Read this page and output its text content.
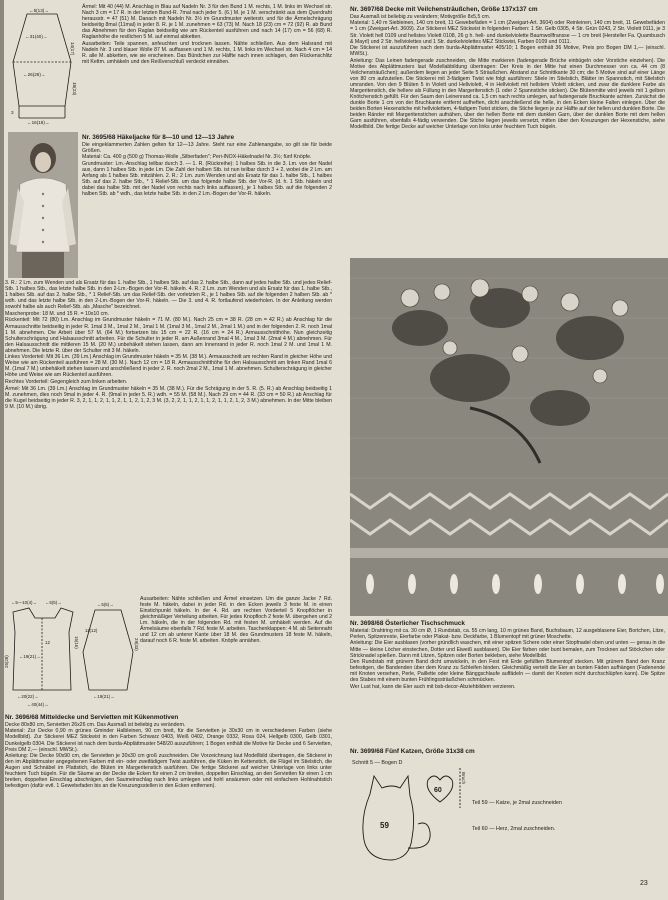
←5(13)→
←31(40)→
14(17)
18(23)
←26(28)→
←16(18)→
3

Ärmel: Mit 40 (44) M. Anschlag in Blau auf Nadeln Nr. 3 für den Bund 1 M. rechts, 1 M. links im Wechsel str. Nach 3 cm = 17 R. in der letzten Bund-R. 7mal nach jeder 5. (6.) M. je 1 M. verschränkt aus dem Querdraht herausstr. = 47 (51) M. Danach mit Nadeln Nr. 3½ im Grundmuster weiterstr. und für die Ärmelschrägung beidseitig 8mal (11mal) in jeder 8. R. je 1 M. zunehmen = 63 (73) M. Nach 18 (23) cm = 72 (92) R. ab Bund das Abnehmen für den Raglan beidseitig wie am Rückenteil ausführen und nach 14 (17) cm = 56 (68) R. Raglanhöhe die restlichen 5 M. auf einmal abketten.

Ausarbeiten: Teile spannen, anfeuchten und trocknen lassen. Nähte schließen. Aus dem Halsrand mit Nadeln Nr. 3 und blauer Wolle 87 M. auffassen und 1 M. rechts, 1 M. links im Wechsel str. Nach 4 cm = 14 R. alle M. abketten, wie sie erscheinen. Das Bündchen zur Hälfte nach innen schlagen, den Rückenschlitz mit Kettm. umhäkeln und den Reißverschluß verdeckt einnähen.

Nr. 3695/68 Häkeljacke für 8—10 und 12—13 Jahre

Die eingeklammerten Zahlen gelten für 12—13 Jahre. Steht nur eine Zahlenangabe, so gilt sie für beide Größen.

Material: Ca. 400 g (500 g) Thomas-Wolle „Silberfaden"; Peri-INOX-Häkelnadel Nr. 3½; fünf Knöpfe.

Grundmuster: Lm.-Anschlag teilbar durch 3. — 1. R. (Rückreihe): 1 halbes Stb. in die 3. Lm. von der Nadel aus, dann 1 halbes Stb. in jede Lm. Die Zahl der halben Stb. ist nun teilbar durch 3 + 2, wobei die 2 Lm. am Anfang als 1 halbes Stb. mitzählen. 2. R.: 2 Lm. zum Wenden und als Ersatz für das 1. halbe Stb., 1 halbes Stb. auf das 2. halbe Stb., * 1 Relief-Stb. um das folgende halbe Stb. der Vor-R. (d. h. 1 Stb. häkeln und dabei das halbe Stb. mit der Nadel von rechts nach links auffassen), je 1 halbes Stb. auf die folgenden 2 halben Stb. ab * wdh., das letzte halbe Stb. in den 2 Lm.-Bogen der Vor-R. häkeln.

3. R.: 2 Lm. zum Wenden und als Ersatz für das 1. halbe Stb., 1 halbes Stb. auf das 2. halbe Stb., dann auf jedes halbe Stb. und jedes Relief-Stb. 1 halbes Stb., das letzte halbe Stb. in den 2-Lm.-Bogen der Vor-R. häkeln. 4. R.: 2 Lm. zum Wenden und als Ersatz für das 1. halbe Stb., 1 halbes Stb. auf das 2. halbe Stb., * 1 Relief-Stb. um das Relief-Stb. der vorletzten R., je 1 halbes Stb. auf die folgenden 2 halben Stb. ab * wdh. und das letzte halbe Stb. in den 2-Lm.-Bogen der Vor-R. häkeln. — Die 3. und 4. R. fortlaufend wiederholen. In der Anleitung werden sowohl halbe als auch Relief-Stb. als „Masche" bezeichnet.

Maschenprobe: 18 M. und 15 R. = 10x10 cm.

Rückenteil: Mit 72 (80) Lm. Anschlag im Grundmuster häkeln = 71 M. (80 M.). Nach 25 cm = 38 R. (28 cm = 42 R.) ab Anschlag für die Armausschnitte beidseitig in jeder R. 1mal 3 M., 1mal 2 M., 1mal 1 M. (1mal 3 M., 1mal 2 M., 2mal 1 M.) und in der folgenden 2. R. noch 1mal 1 M. abnehmen. Die Arbeit über 57 M. (64 M.) fortsetzen bis 15 cm = 22 R. (16 cm = 24 R.) Armausschnitthöhe. Nun gleichzeitig Schulterschrägung und Halsausschnitt arbeiten. Für die Schulter in jeder R. am Außenrand 3mal 4 M., 1mal 3 M. (2mal 4 M.) abnehmen. Für den Halsausschnitt die mittleren 15 M. (20 M.) unbehäkelt stehen lassen, dann am Innenrand in jeder R. noch 1mal 2 M. und 1mal 1 M. abnehmen. Die letzte R. über der Schulter mit 3 M. häkeln.

Linkes Vorderteil: Mit 36 Lm. (39 Lm.) Anschlag im Grundmuster häkeln = 35 M. (38 M.). Armausschnitt am rechten Rand in gleicher Höhe und Weise wie am Rückenteil ausführen = 28 M. (30 M.). Nach 12 cm = 18 R. Armausschnitthöhe für den Halsausschnitt am linken Rand 1mal 6 M. (1mal 7 M.) unbehäkelt stehen lassen und anschließend in jeder 2. R. noch 2mal 2 M., 1mal 1 M. abnehmen. Schulterschrägung in gleicher Höhe und Weise wie am Rückenteil ausführen.

Rechtes Vorderteil: Gegengleich zum linken arbeiten.

Ärmel: Mit 36 Lm. (39 Lm.) Anschlag im Grundmuster häkeln = 35 M. (38 M.). Für die Schrägung in der 5. R. (5. R.) ab Anschlag beidseitig 1 M. zunehmen, dies noch 9mal in jeder 4. R. (9mal in jeder 5. R.) wdh. = 55 M. (58 M.). Nach 29 cm = 44 R. (33 cm = 50 R.) ab Anschlag für die Kugel beidseitig in jeder R. 3, 2, 1, 1, 2, 1, 1, 2, 1, 1, 2, 1, 2, 3 M. (3, 2, 2, 1, 1, 2, 1, 1, 2, 1, 1, 2, 1, 2, 3 M.) abnehmen. In der Mitte bleiben 9 M. (10 M.) übrig.

←5—10(4)→ ←5(5)→
15(16)
25(28) ←19(21)→
←20(22)→
←40(44)→
12
←5(5)→
29(33)
11(12)
←19(21)→

Ausarbeiten: Nähte schließen und Ärmel einsetzen. Um die ganze Jacke 7 Rd. feste M. häkeln, dabei in jeder Rd. in den Ecken jeweils 3 feste M. in einen Einstichpunkt häkeln. In der 4. Rd. am rechten Vorderteil 5 Knopflöcher in gleichmäßiger Verteilung arbeiten. Für jedes Knopfloch 2 feste M. übergehen und 2 Lm. häkeln, die in der folgenden Rd. mit festen M. umhäkelt werden. Auf die Ärmelsäume ebenfalls 7 Rd. feste M. arbeiten. Taschenklappen: 4 M. ab Seitennaht und 12 cm ab unterer Kante über 18 M. des Grundmusters 18 feste M. häkeln, darauf noch 6 R. feste M. arbeiten. Knöpfe annähen.

Nr. 3696/68 Mitteldecke und Servietten mit Kükenmotiven

Decke 80x80 cm, Servietten 26x26 cm. Das Ausmaß ist beliebig zu verändern.

Material: Zur Decke 0,90 m grünes Gminder Halbleinen, 90 cm breit, für die Servietten je 30x30 cm in verschiedenen Farben (siehe Modellbild). Zur Stickerei MEZ Stickwist in den Farben Schwarz 0403, Weiß 0402, Orange 0332, Rosa 024, Hellgelb 0300, Gelb 0301, Dunkelgelb 0304. Die Stickerei ist nach dem burda-Abplättmuster 548/20 auszuführen; 1 Bogen enthält die Motive für Decke und 6 Servietten, Preis DM 2,— (einschl. MWSt.).

Anleitung: Die Decke 90x90 cm, die Servietten je 30x30 cm groß zuschneiden. Die Vorzeichnung laut Modellbild übertragen, die Stickerei in den im Abplättmuster angegebenen Farben mit ein- oder zweifädigem Twist ausführen, die Küken im Kettenstich, die Flügel im Stielstich, die Augen und Schnäbel im Plattstich, die Blüten im Margeritenstich ausführen. Die fertige Stickerei auf weicher Unterlage von links unter feuchtem Tuch bügeln. Für die Säume an der Decke die Ecken für einen 2 cm breiten, doppelten Einschlag, an den Servietten für einen 1 cm breiten, doppelten Einschlag abschrägen, den Saumeinschlag nach links umlegen und hohl ansäumen oder mit einfachem Hohlnahtstich befestigen (dafür evtl. 1 Gewebefaden bis an die Kreuzungsstellen in den Ecken entfernen).

Nr. 3697/68 Decke mit Veilchensträußchen, Größe 137x137 cm

Das Ausmaß ist beliebig zu verändern; Motivgröße 8x5,5 cm.

Material: 1,40 m Siebleinen, 140 cm breit, 11 Gewebefäden = 1 cm (Zweigart-Art. 3604) oder Reinleinen, 140 cm breit, 11 Gewebefäden = 1 cm (Zweigart-Art. 3609). Zur Stickerei MEZ Stickwist in folgenden Farben: 1 Str. Gelb 0305, 4 Str. Grün 0243, 2 Str. Violett 0111, je 3 Str. Violett hell 0109 und hellstes Violett 0108, 26 g h. hell- und dunkelviolette Baumwollfransse — 1 cm breit (Hersteller Fa. Quambusch & Mayrl) und 2 Str. hellviolettes und 1 Str. dunkelviolettes MEZ Stickwist, Farben 0109 und 0111.

Die Stickerei ist auszuführen nach dem burda-Abplättmuster 405/10; 1 Bogen enthält 36 Motive, Preis pro Bogen DM 1,— (einschl. MWSt.).

Anleitung: Das Leinen fadengerade zuschneiden, die Mitte markieren (fadengerade Brüche einbügeln oder Vorstiche einziehen). Die Motive des Abplättmusters laut Modellabbildung übertragen: Der Kreis in der Mitte hat einen Durchmesser von ca. 44 cm (8 Veilchensträußchen); außerdem liegen an jeder Seite 5 Sträußchen. Abstand zur Schnittkante 30 cm; die 5 Motive sind auf einer Länge von 80 cm aufzuteilen. Die Stickerei mit 3-fädigem Twist wie folgt ausführen: Stiele im Stielstich, Blätter im Spannstich, mit Stielstich umranden. Von den 9 Blüten 5 in Violett und Hellviolett, 4 in Hellviolett mit hellstem Violett sticken, und zwar die dunklere Farbe als Margeritenstich, die hellere als Füllung in den Margeritenstich (1 oder 2 Spannstiche sticken). Die Blütenmitte wird jeweils mit 1 gelben Knötchenstich gefüllt. Für den Saum den Leinenrand ca. 1,5 cm nach rechts umlegen, auf fadengerade Bruchkante achten. Zunächst die dunkle Borte 1 cm von der Bruchkante entfernt aufheften, dicht anschließend die helle, in den Ecken kleine Falten einlegen. Über die beiden Borten Hexenstiche mit hellviolettem, 4-fädigem Twist sticken, die Stiche liegen je zur Hälfte auf der hellen und dunklen Borte. Die beiden Ränder mit Margeritenstichen aufnähen, über der hellen Borte mit dem dunklen Garn, über der dunklen Borte mit dem hellen Garn ausführen, ebenfalls 4-fädig verwenden. Die Stiche liegen jeweils versetzt, mitten über den Kreuzungen der Hexenstiche, siehe Modellbild. Die fertige Decke auf weicher Unterlage von links unter feuchtem Tuch bügeln.

Nr. 3698/68 Österlicher Tischschmuck

Material: Drahtring mit ca. 30 cm Ø, 1 Rundstab, ca. 55 cm lang, 10 m grünes Band, Buchsbaum, 12 ausgeblasene Eier, Bortchen, Litze, Perlen, Spitzenreste, Eierfarbe oder Plakat- bzw. Deckfarbe, 1 Blumentopf mit grüner Moschette.

Anleitung: Die Eier ausblasen (vorher gründlich waschen, mit einer spitzen Schere oder einer Stopfnadel oben und unten — genau in die Mitte — kleine Löcher einstechen, Dotter und Eiweiß ausblasen). Die Eier färben oder bunt bemalen, zum Trocknen auf Stöckchen oder Stricknadel spießen. Dann mit Litzen, Spitzen oder Borten bekleben, siehe Modellbild.

Den Rundstab mit grünem Band dicht umwickeln, in den Fest mit Erde gefüllten Blumentopf stecken. Mit grünem Band den Kranz befestigen, die Bandenden über dem Kranz zu Schleifen binden. Gleichmäßig verteilt die Eier an bunten Fäden aufhängen (Fadenende mit Knoten versehen, Perle, Paillette oder kleine Bänggschlaufe auffädeln — damit der Knoten nicht durchschlüpfen kann). Die Spitze des Stabes mit einem bunten Frühlingssträußchen schmücken.

Wer Lust hat, kann die Eier auch mit bsb-decor-Abziehbildern verzieren.

Nr. 3699/68 Fünf Katzen, Größe 31x38 cm
Schnitt 5 — Bogen D
59
60
Bruch
Teil 59 — Katze, je 2mal zuschneiden
Teil 60 — Herz, 2mal zuschneiden.
23
